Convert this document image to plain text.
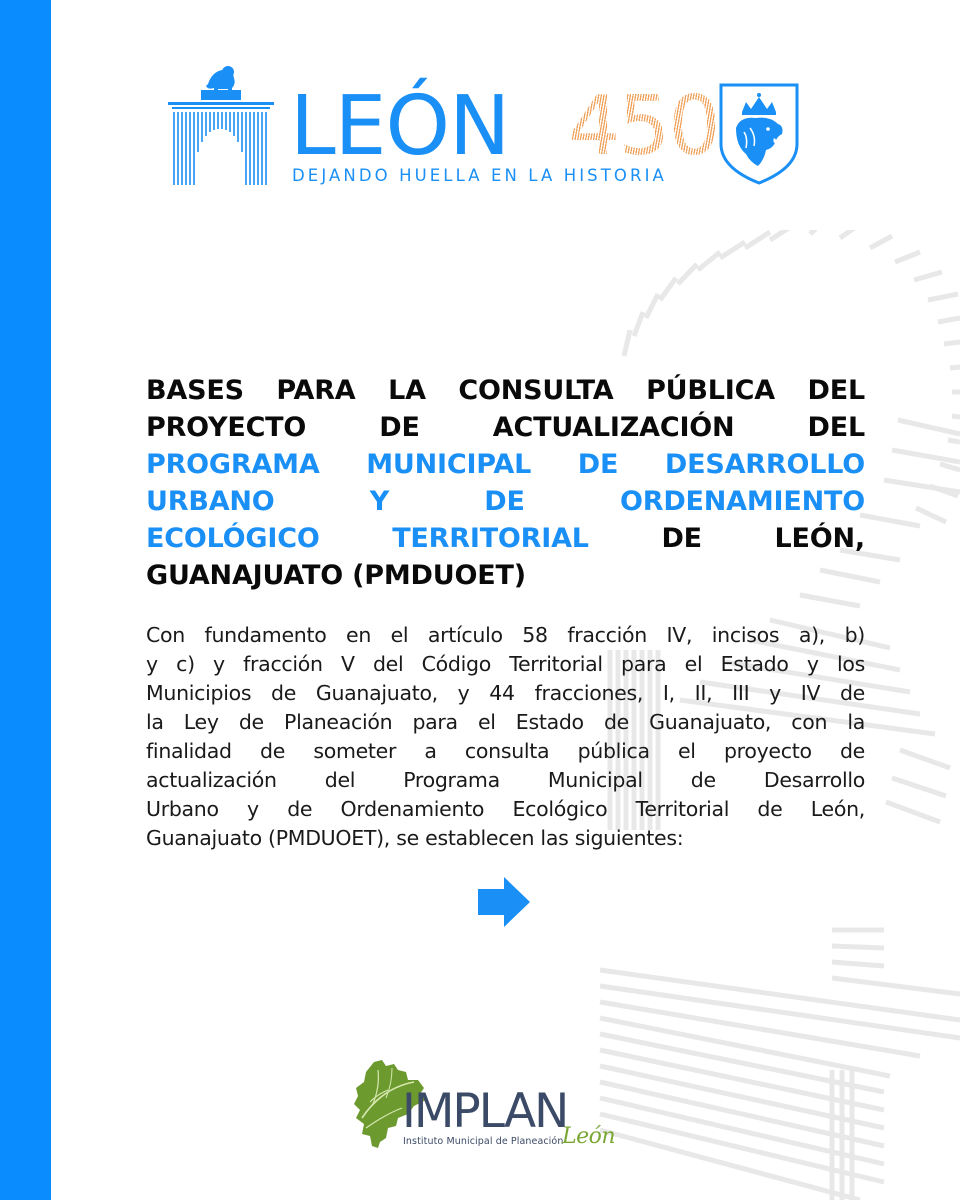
LEÓN 450
DEJANDO HUELLA EN LA HISTORIA
BASES PARA LA CONSULTA PÚBLICA DEL
PROYECTO DE ACTUALIZACIÓN DEL
PROGRAMA MUNICIPAL DE DESARROLLO
URBANO Y DE ORDENAMIENTO
ECOLÓGICO TERRITORIAL DE LEÓN,
GUANAJUATO (PMDUOET)
Con fundamento en el artículo 58 fracción IV, incisos a), b)
y c) y fracción V del Código Territorial para el Estado y los
Municipios de Guanajuato, y 44 fracciones, I, II, III y IV de
la Ley de Planeación para el Estado de Guanajuato, con la
finalidad de someter a consulta pública el proyecto de
actualización del Programa Municipal de Desarrollo
Urbano y de Ordenamiento Ecológico Territorial de León,
Guanajuato (PMDUOET), se establecen las siguientes:
IMPLAN
Instituto Municipal de Planeación
León
